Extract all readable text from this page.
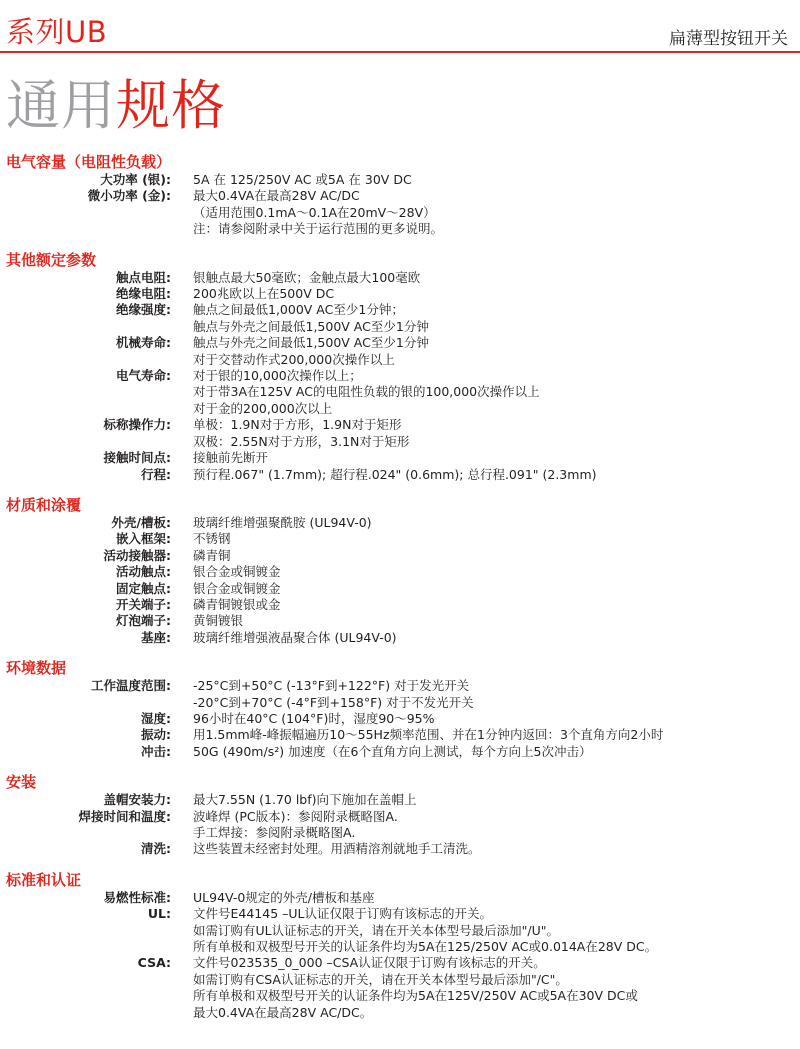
系列UB	扁薄型按钮开关
通用规格
电气容量（电阻性负载）
大功率 (银):	5A 在 125/250V AC 或5A 在 30V DC
微小功率 (金):	最大0.4VA在最高28V AC/DC
（适用范围0.1mA～0.1A在20mV～28V）
注：请参阅附录中关于运行范围的更多说明。
其他额定参数
触点电阻:	银触点最大50毫欧；金触点最大100毫欧
绝缘电阻:	200兆欧以上在500V DC
绝缘强度:	触点之间最低1,000V AC至少1分钟；
触点与外壳之间最低1,500V AC至少1分钟
机械寿命:	触点与外壳之间最低1,500V AC至少1分钟
对于交替动作式200,000次操作以上
电气寿命:	对于银的10,000次操作以上；
对于带3A在125V AC的电阻性负载的银的100,000次操作以上
对于金的200,000次以上
标称操作力:	单极：1.9N对于方形，1.9N对于矩形
双极：2.55N对于方形，3.1N对于矩形
接触时间点:	接触前先断开
行程:	预行程.067" (1.7mm); 超行程.024" (0.6mm); 总行程.091" (2.3mm)
材质和涂覆
外壳/槽板:	玻璃纤维增强聚酰胺 (UL94V-0)
嵌入框架:	不锈钢
活动接触器:	磷青铜
活动触点:	银合金或铜镀金
固定触点:	银合金或铜镀金
开关端子:	磷青铜镀银或金
灯泡端子:	黄铜镀银
基座:	玻璃纤维增强液晶聚合体 (UL94V-0)
环境数据
工作温度范围:	-25°C到+50°C (-13°F到+122°F) 对于发光开关
-20°C到+70°C (-4°F到+158°F) 对于不发光开关
湿度:	96小时在40°C (104°F)时，湿度90～95%
振动:	用1.5mm峰-峰振幅遍历10～55Hz频率范围、并在1分钟内返回：3个直角方向2小时
冲击:	50G (490m/s²) 加速度（在6个直角方向上测试，每个方向上5次冲击）
安装
盖帽安装力:	最大7.55N (1.70 lbf)向下施加在盖帽上
焊接时间和温度:	波峰焊 (PC版本)：参阅附录概略图A.
手工焊接：参阅附录概略图A.
清洗:	这些装置未经密封处理。用酒精溶剂就地手工清洗。
标准和认证
易燃性标准:	UL94V-0规定的外壳/槽板和基座
UL:	文件号E44145 –UL认证仅限于订购有该标志的开关。
如需订购有UL认证标志的开关，请在开关本体型号最后添加"/U"。
所有单极和双极型号开关的认证条件均为5A在125/250V AC或0.014A在28V DC。
CSA:	文件号023535_0_000 –CSA认证仅限于订购有该标志的开关。
如需订购有CSA认证标志的开关，请在开关本体型号最后添加"/C"。
所有单极和双极型号开关的认证条件均为5A在125V/250V AC或5A在30V DC或
最大0.4VA在最高28V AC/DC。
